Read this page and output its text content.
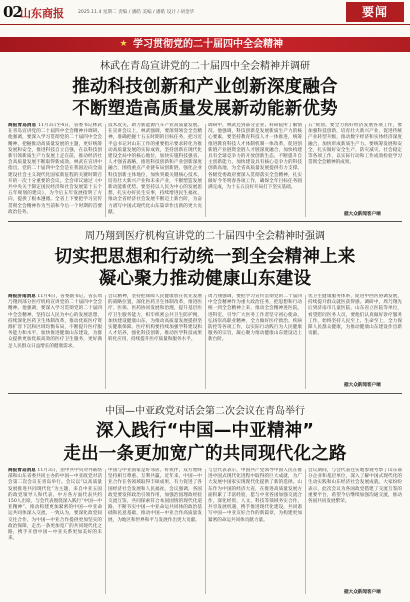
02
山东商报	2025.11.4 星期二 责编 / 潘皓 美编 / 潘皓 设计 / 胡金华	要闻
★ 学习贯彻党的二十届四中全会精神
林武在青岛宣讲党的二十届四中全会精神并调研
推动科技创新和产业创新深度融合
不断塑造高质量发展新动能新优势
商报青岛消息 11月3日至4日，省委书记林武在青岛宣讲党的二十届四中全会精神并调研。他强调，要深入学习贯彻党的二十届四中全会精神，把握推动高质量发展的主题，更好统筹发展和安全，推进科技自立自强，在以科技创新引领新质生产力发展上走在前，推动经济社会高质量发展不断取得新成效。林武在宣讲中指出，党的二十届四中全会是在我国迈向全面建设社会主义现代化国家新征程的关键时期召开的一次十分重要的会议。全会审议通过《中共中央关于制定国民经济和社会发展第十五个五年规划的建议》，为今后五年发展指明了方向，提供了根本遵循。全省上下要把学习宣传贯彻全会精神作为当前和今后一个时期的首要政治任务。
技术攻关，助力新能源汽车产业高质量发展。在宣讲会议上，林武强调，要深刻领会全会精神，准确把握十五五时期的目标任务，把习近平总书记对山东工作的重要指示要求转化为推动高质量发展的实际成效，坚持创新在现代化建设全局中的核心地位，加快实施科技强省、人才强省战略，推进科技创新和产业创新深度融合，围绕重点产业链布局创新链，强化企业科技创新主体地位，加快突破关键核心技术，培育壮大新兴产业和未来产业，不断塑造发展新动能新优势。要坚持以人民为中心的发展思想，扎实办好民生实事，持续增进民生福祉，推动全省经济社会发展不断迈上新台阶，为奋力谱写中国式现代化山东篇章作出新的更大贡献。
调研中，林武还到部分企业、科研院所了解情况。他强调，科技创新是发展新质生产力的核心要素，要坚持教育科技人才一体推进，统筹推进教育科技人才体制机制一体改革，促进创新链产业链资金链人才链深度融合，加快构建具有全球竞争力的开放创新生态，不断提升自主创新能力，加快建设具有核心竞争力的科技创新高地，为全省高质量发展提供有力支撑。各级党委政府要深入贯彻落实全会精神，扎实做好今冬明春各项工作，确保全年目标任务圆满完成，为十五五良好开局打下坚实基础。
五”规划、要全力抓好经济发展各项工作，要加强科技创新，培育壮大新兴产业，促进传统产业转型升级，推动数字经济和实体经济深度融合，加快形成新质生产力。要统筹发展和安全，扎实做好安全生产、防灾减灾、社会稳定等各项工作，以实际行动和工作成效检验学习贯彻全会精神的成果。
据大众新闻客户端
周乃翔到医疗机构宣讲党的二十届四中全会精神时强调
切实把思想和行动统一到全会精神上来
凝心聚力推动健康山东建设
商报济南消息 11月4日，省委副书记、省长周乃翔到部分医疗机构宣讲党的二十届四中全会精神。他强调，要深入学习贯彻党的二十届四中全会精神，坚持以人民为中心的发展思想，持续深化医药卫生体制改革，推动优质医疗资源扩容下沉和区域均衡布局，不断提升医疗服务能力和水平，加快推进健康山东建设，为群众提供更加优质高效的医疗卫生服务，更好满足人民群众日益增长的健康需求。
会议精神，坚持把保障人民健康放在优先发展的战略位置，深化医药卫生体制改革，推进医疗、医保、医药协同发展和治理，提升基层医疗卫生服务能力，织牢织密公共卫生防护网，加快建设健康山东，为推动高质量发展提供坚实健康保障。医疗机构要持续加强学科建设和人才培养，强化科技创新，推动医学科技成果转化应用，持续提升医疗质量和服务水平。
周乃翔强调，要把学习宣传贯彻党的二十届四中全会精神作为重大政治任务，把思想和行动统一到全会精神上来，推动全会精神进医院、进科室，引导广大医务工作者坚守初心使命，弘扬崇高职业精神，全力做好医疗救治、疾病防控等各项工作，以实际行动践行为人民健康服务的宗旨，凝心聚力推动健康山东建设迈上新台阶。
优卫生健康服务体系，促进中西医协调发展，持续提升群众就医获得感。调研中，周乃翔先后到济南市儿童医院、山东省立医院等单位，看望慰问医务人员，要他们认真做好诊疗服务工作，始终坚持人民至上、生命至上，全力保障人民群众健康，为推动健康山东建设作出新贡献。
据大众新闻客户端
中国—中亚政党对话会第二次会议在青岛举行
深入践行“中国—中亚精神”
走出一条更加宽广的共同现代化之路
商报青岛消息 11月3日，由中共中央对外联络部和山东省委共同主办的中国—中亚政党对话会第二次会议在青岛举行。会议以“以高质量发展推进共同现代化”为主题，来自中亚五国的政党领导人和代表、中方各方面代表共约150人出席。与会代表围绕深入践行“中国—中亚精神”、推动构建更加紧密的中国—中亚命运共同体深入交流，一致认为，要深化政党间交往合作，为中国—中亚合作提供更加坚实的政治保障，走出一条更加宽广的共同现代化之路，携手开创中国—中亚关系更加美好的未来。
中国与中亚国家是好邻居、好伙伴，双方始终坚持相互尊重、互利共赢。近年来，中国—中亚合作在各领域取得丰硕成果，有力促进了各国经济社会发展和人民福祉。会议强调，各国政党要发挥政治引领作用，加强治国理政经验交流互鉴，共同探索符合本国国情的现代化道路，不断夯实中国—中亚命运共同体的政治基础和民意基础，推动中国—中亚合作高质量发展，为地区和世界和平与发展作出更大贡献。
与会代表表示，中国共产党领导中国人民在推进中国式现代化进程中取得的巨大成就，为广大发展中国家实现现代化提供了新的选择。山东作为中国的经济大省，在推进高质量发展方面积累了丰富经验，愿与中亚各国加强交流合作，深化经贸、人文、科技等领域务实合作，共享发展机遇，携手推进现代化建设，共同谱写中国—中亚友好合作的新篇章，为构建更加紧密的命运共同体贡献力量。
会议期间，与会代表还实地参观考察了山东部分企业和基层单位，深入了解中国式现代化的生动实践和山东经济社会发展成就。大家纷纷表示，此次会议为各国政党搭建了交流互鉴的重要平台，希望今后继续加强沟通交流，推动各国共同发展繁荣。
据大众新闻客户端
